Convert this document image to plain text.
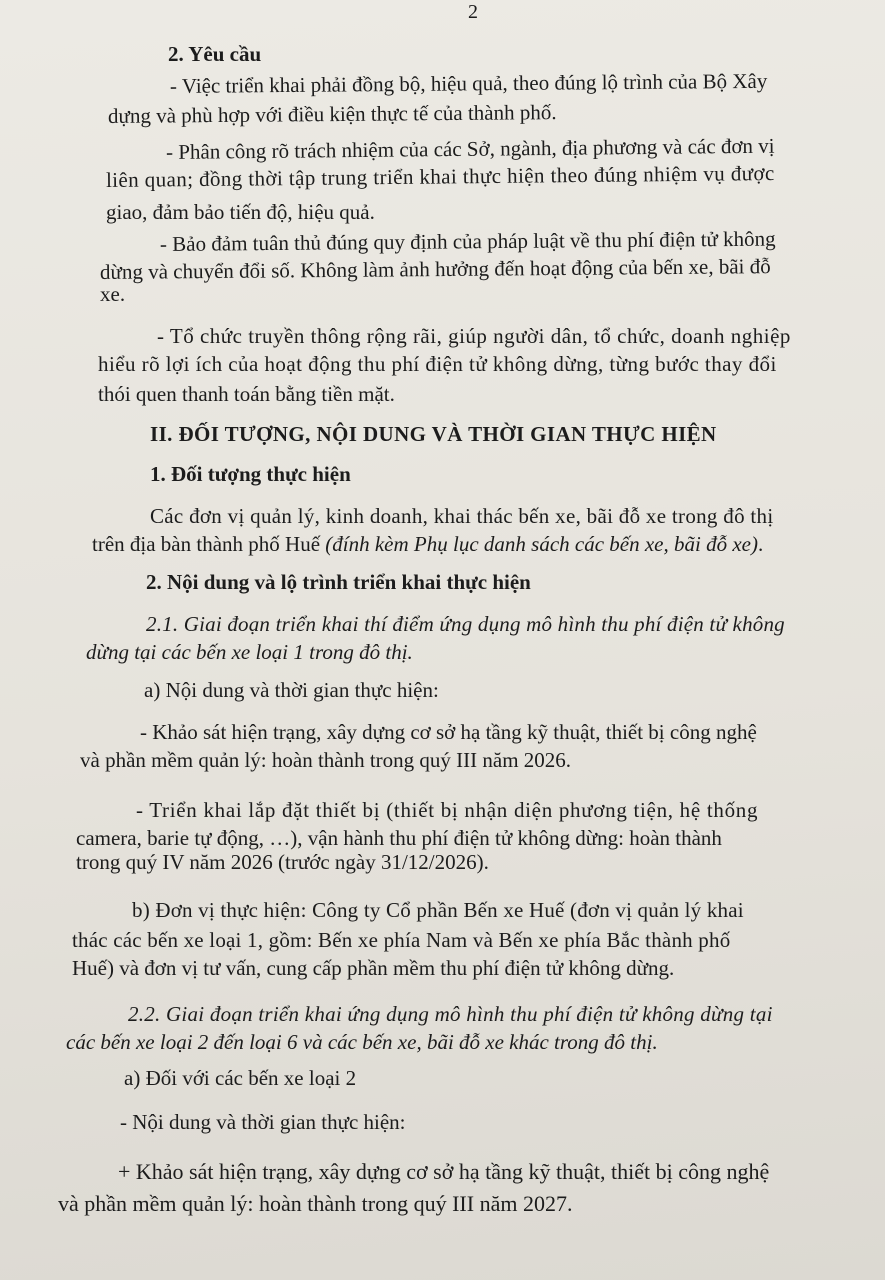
2
2. Yêu cầu
- Việc triển khai phải đồng bộ, hiệu quả, theo đúng lộ trình của Bộ Xây
dựng và phù hợp với điều kiện thực tế của thành phố.
- Phân công rõ trách nhiệm của các Sở, ngành, địa phương và các đơn vị
liên quan; đồng thời tập trung triển khai thực hiện theo đúng nhiệm vụ được
giao, đảm bảo tiến độ, hiệu quả.
- Bảo đảm tuân thủ đúng quy định của pháp luật về thu phí điện tử không
dừng và chuyển đổi số. Không làm ảnh hưởng đến hoạt động của bến xe, bãi đỗ
xe.
- Tổ chức truyền thông rộng rãi, giúp người dân, tổ chức, doanh nghiệp
hiểu rõ lợi ích của hoạt động thu phí điện tử không dừng, từng bước thay đổi
thói quen thanh toán bằng tiền mặt.
II. ĐỐI TƯỢNG, NỘI DUNG VÀ THỜI GIAN THỰC HIỆN
1. Đối tượng thực hiện
Các đơn vị quản lý, kinh doanh, khai thác bến xe, bãi đỗ xe trong đô thị
trên địa bàn thành phố Huế (đính kèm Phụ lục danh sách các bến xe, bãi đỗ xe).
2. Nội dung và lộ trình triển khai thực hiện
2.1. Giai đoạn triển khai thí điểm ứng dụng mô hình thu phí điện tử không
dừng tại các bến xe loại 1 trong đô thị.
a) Nội dung và thời gian thực hiện:
- Khảo sát hiện trạng, xây dựng cơ sở hạ tầng kỹ thuật, thiết bị công nghệ
và phần mềm quản lý: hoàn thành trong quý III năm 2026.
- Triển khai lắp đặt thiết bị (thiết bị nhận diện phương tiện, hệ thống
camera, barie tự động, …), vận hành thu phí điện tử không dừng: hoàn thành
trong quý IV năm 2026 (trước ngày 31/12/2026).
b) Đơn vị thực hiện: Công ty Cổ phần Bến xe Huế (đơn vị quản lý khai
thác các bến xe loại 1, gồm: Bến xe phía Nam và Bến xe phía Bắc thành phố
Huế) và đơn vị tư vấn, cung cấp phần mềm thu phí điện tử không dừng.
2.2. Giai đoạn triển khai ứng dụng mô hình thu phí điện tử không dừng tại
các bến xe loại 2 đến loại 6 và các bến xe, bãi đỗ xe khác trong đô thị.
a) Đối với các bến xe loại 2
- Nội dung và thời gian thực hiện:
+ Khảo sát hiện trạng, xây dựng cơ sở hạ tầng kỹ thuật, thiết bị công nghệ
và phần mềm quản lý: hoàn thành trong quý III năm 2027.
